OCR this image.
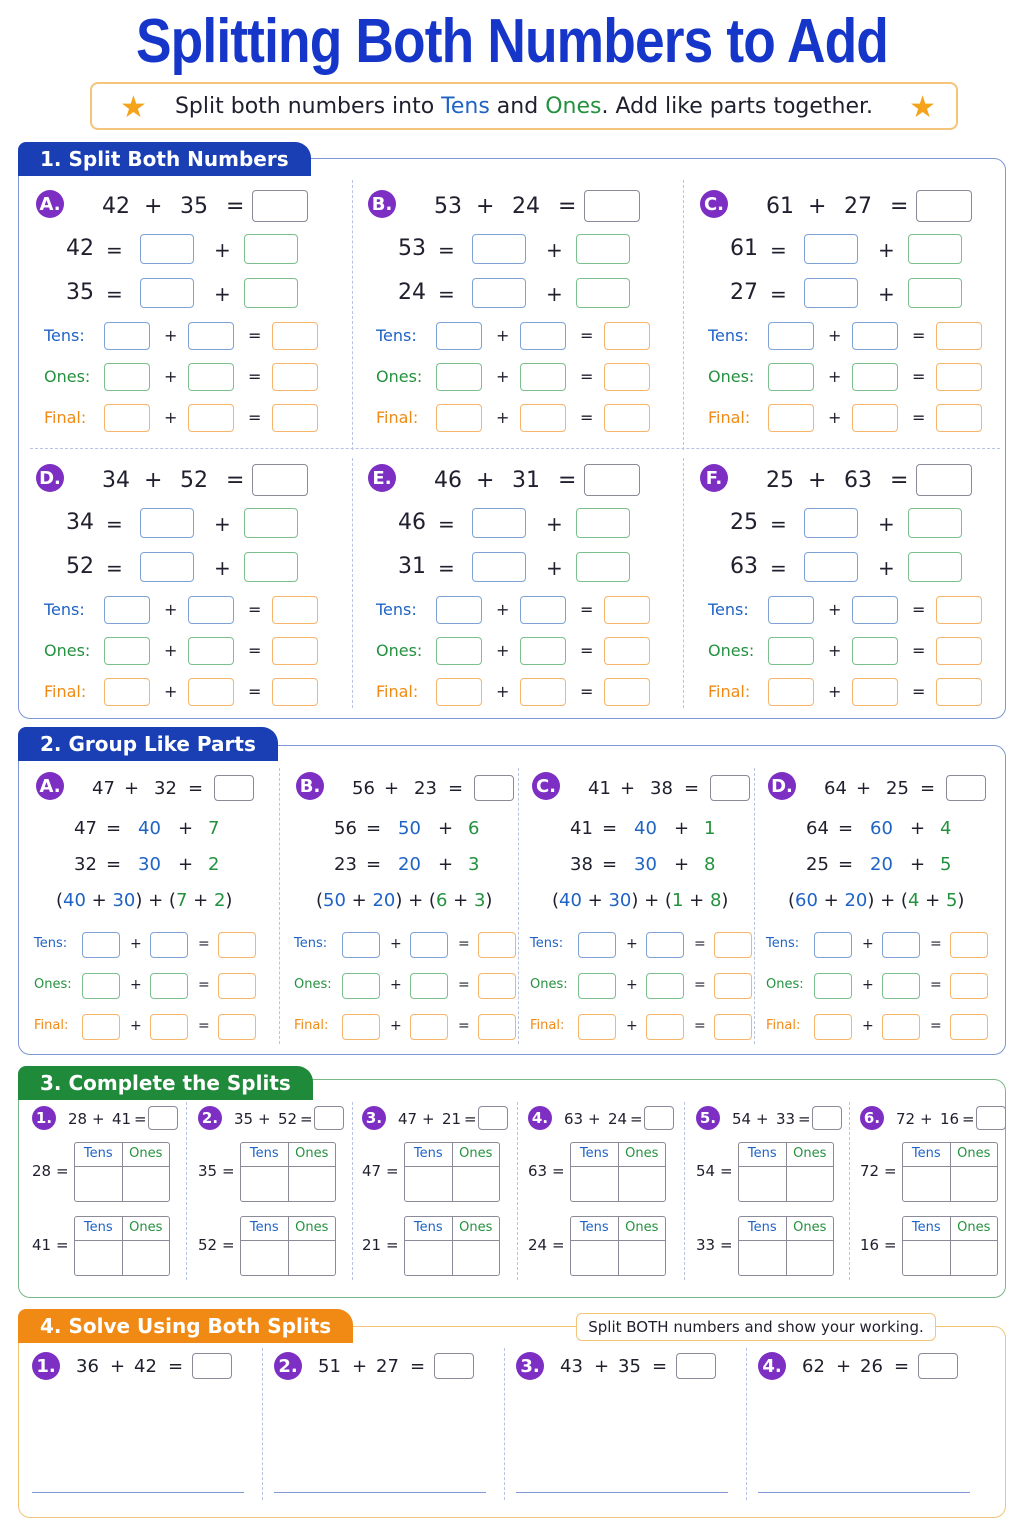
Splitting Both Numbers to Add
★ Split both numbers into Tens and Ones. Add like parts together. ★
1. Split Both Numbers
2. Group Like Parts
3. Complete the Splits
4. Solve Using Both Splits	Split BOTH numbers and show your working.
A. 42 + 35 =
42 =	+
35 =	+
Tens:	+	=
Ones:	+	=
Final:	+	=
B. 53 + 24 =
53 =	+
24 =	+
Tens:	+	=
Ones:	+	=
Final:	+	=
C. 61 + 27 =
61 =	+
27 =	+
Tens:	+	=
Ones:	+	=
Final:	+	=
D. 34 + 52 =
34 =	+
52 =	+
Tens:	+	=
Ones:	+	=
Final:	+	=
E. 46 + 31 =
46 =	+
31 =	+
Tens:	+	=
Ones:	+	=
Final:	+	=
F. 25 + 63 =
25 =	+
63 =	+
Tens:	+	=
Ones:	+	=
Final:	+	=
A. 47 + 32 =
47 = 40 + 7
32 = 30 + 2
(40 + 30) + (7 + 2)
Tens:	+	=
Ones:	+	=
Final:	+	=
B. 56 + 23 =
56 = 50 + 6
23 = 20 + 3
(50 + 20) + (6 + 3)
Tens:	+	=
Ones:	+	=
Final:	+	=
C. 41 + 38 =
41 = 40 + 1
38 = 30 + 8
(40 + 30) + (1 + 8)
Tens:	+	=
Ones:	+	=
Final:	+	=
D. 64 + 25 =
64 = 60 + 4
25 = 20 + 5
(60 + 20) + (4 + 5)
Tens:	+	=
Ones:	+	=
Final:	+	=
1. 28 + 41 =
28 =
Tens	Ones
41 =
Tens	Ones
2. 35 + 52 =
35 =
Tens	Ones
52 =
Tens	Ones
3. 47 + 21 =
47 =
Tens	Ones
21 =
Tens	Ones
4. 63 + 24 =
63 =
Tens	Ones
24 =
Tens	Ones
5. 54 + 33 =
54 =
Tens	Ones
33 =
Tens	Ones
6. 72 + 16 =
72 =
Tens	Ones
16 =
Tens	Ones
1. 36 + 42 =	2. 51 + 27 =	3. 43 + 35 =	4. 62 + 26 =
